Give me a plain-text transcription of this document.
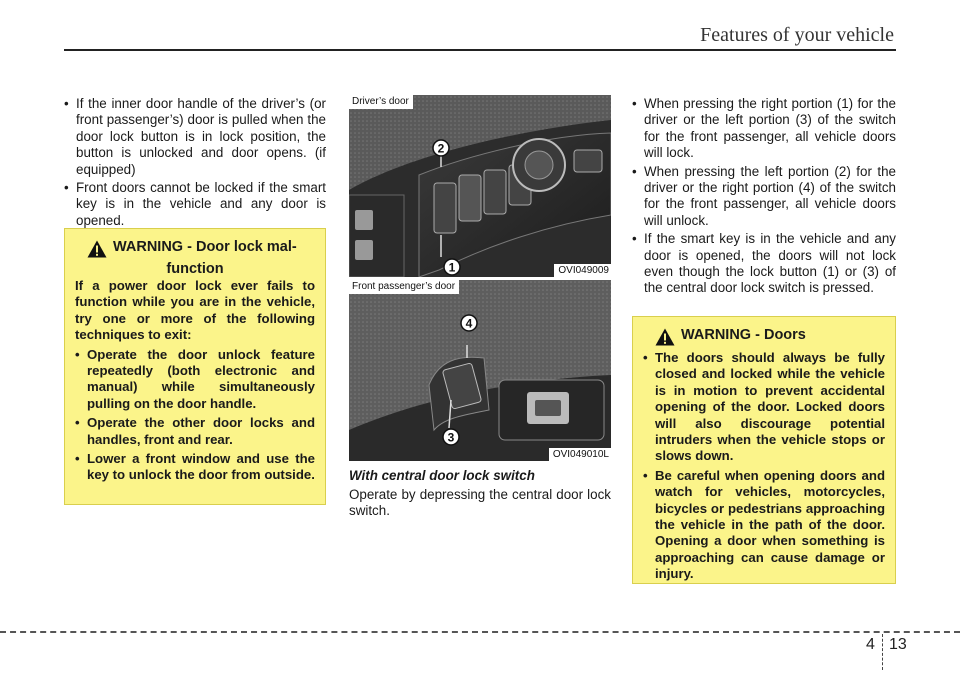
Features of your vehicle
• If the inner door handle of the driver’s (or front passenger’s) door is pulled when the door lock button is in lock position, the button is unlocked and door opens. (if equipped)
• Front doors cannot be locked if the smart key is in the vehicle and any door is opened.
WARNING - Door lock mal-
function

If a power door lock ever fails to function while you are in the vehicle, try one or more of the following techniques to exit:

• Operate the door unlock feature repeatedly (both electronic and manual) while simultaneously pulling on the door handle.
• Operate the other door locks and handles, front and rear.
• Lower a front window and use the key to unlock the door from outside.
2
1
Driver’s door
OVI049009
4
3
Front passenger’s door
OVI049010L
With central door lock switch
Operate by depressing the central door lock switch.
• When pressing the right portion (1) for the driver or the left portion (3) of the switch for the front passenger, all vehicle doors will lock.
• When pressing the left portion (2) for the driver or the right portion (4) of the switch for the front passenger, all vehicle doors will unlock.
• If the smart key is in the vehicle and any door is opened, the doors will not lock even though the lock button (1) or (3) of the central door lock switch is pressed.
WARNING - Doors
• The doors should always be fully closed and locked while the vehicle is in motion to prevent accidental opening of the door. Locked doors will also discourage potential intruders when the vehicle stops or slows down.
• Be careful when opening doors and watch for vehicles, motorcycles, bicycles or pedestrians approaching the vehicle in the path of the door. Opening a door when something is approaching can cause damage or injury.
4 13
